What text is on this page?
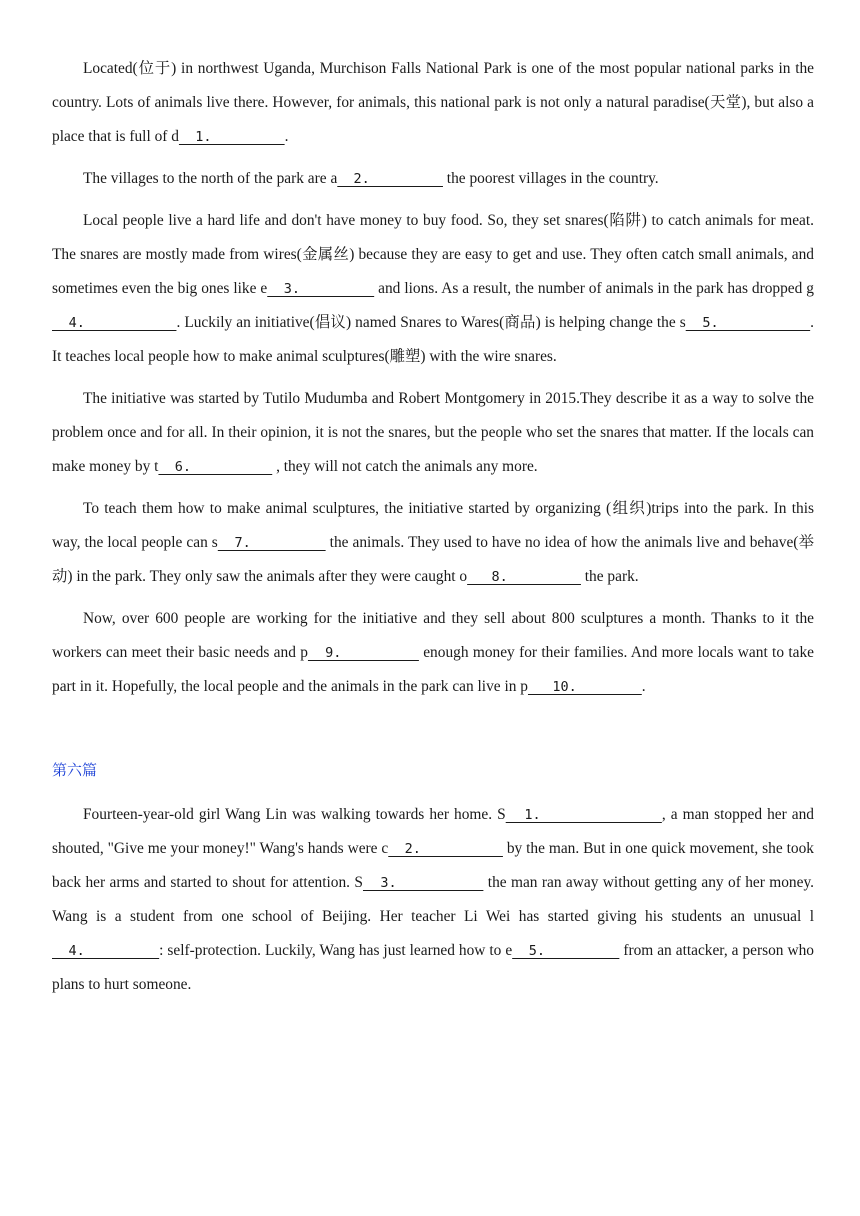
Located(位于) in northwest Uganda, Murchison Falls National Park is one of the most popular national parks in the country. Lots of animals live there. However, for animals, this national park is not only a natural paradise(天堂), but also a place that is full of d  1.         .

The villages to the north of the park are a  2.          the poorest villages in the country.

Local people live a hard life and don't have money to buy food. So, they set snares(陷阱) to catch animals for meat. The snares are mostly made from wires(金属丝) because they are easy to get and use. They often catch small animals, and sometimes even the big ones like e  3.          and lions. As a result, the number of animals in the park has dropped g  4.           . Luckily an initiative(倡议) named Snares to Wares(商品) is helping change the s  5.           . It teaches local people how to make animal sculptures(雕塑) with the wire snares.

The initiative was started by Tutilo Mudumba and Robert Montgomery in 2015.They describe it as a way to solve the problem once and for all. In their opinion, it is not the snares, but the people who set the snares that matter. If the locals can make money by t  6.           , they will not catch the animals any more.

To teach them how to make animal sculptures, the initiative started by organizing (组织)trips into the park. In this way, the local people can s  7.          the animals. They used to have no idea of how the animals live and behave(举动) in the park. They only saw the animals after they were caught o   8.          the park.

Now, over 600 people are working for the initiative and they sell about 800 sculptures a month. Thanks to it the workers can meet their basic needs and p  9.          enough money for their families. And more locals want to take part in it. Hopefully, the local people and the animals in the park can live in p   10.        .

第六篇

Fourteen-year-old girl Wang Lin was walking towards her home. S  1.             , a man stopped her and shouted, "Give me your money!" Wang's hands were c  2.           by the man. But in one quick movement, she took back her arms and started to shout for attention. S  3.           the man ran away without getting any of her money. Wang is a student from one school of Beijing. Her teacher Li Wei has started giving his students an unusual l  4.         : self-protection. Luckily, Wang has just learned how to e  5.          from an attacker, a person who plans to hurt someone.
